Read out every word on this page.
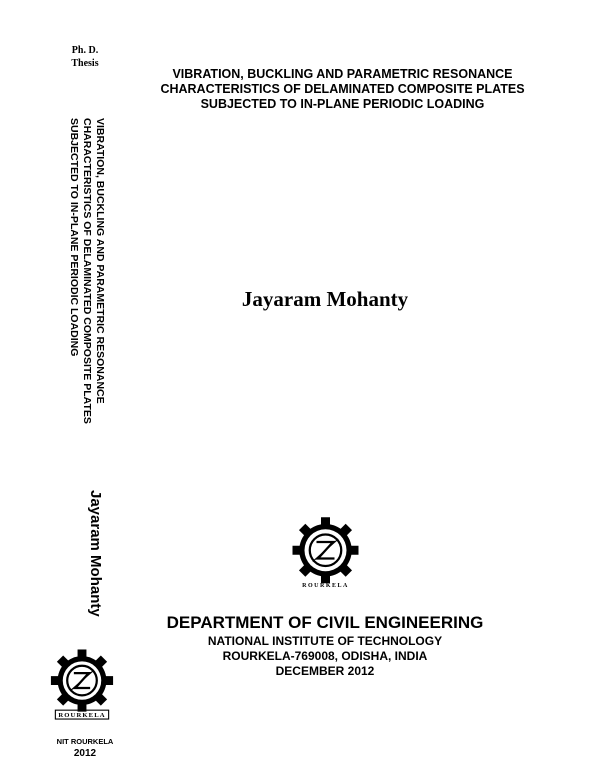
Ph. D.
Thesis
VIBRATION, BUCKLING AND PARAMETRIC RESONANCE
CHARACTERISTICS OF DELAMINATED COMPOSITE PLATES
SUBJECTED TO IN-PLANE PERIODIC LOADING
Jayaram Mohanty
ROURKELA
NIT ROURKELA
2012
VIBRATION, BUCKLING AND PARAMETRIC RESONANCE
CHARACTERISTICS OF DELAMINATED COMPOSITE PLATES
SUBJECTED TO IN-PLANE PERIODIC LOADING
Jayaram Mohanty
ROURKELA
DEPARTMENT OF CIVIL ENGINEERING
NATIONAL INSTITUTE OF TECHNOLOGY
ROURKELA-769008, ODISHA, INDIA
DECEMBER 2012
